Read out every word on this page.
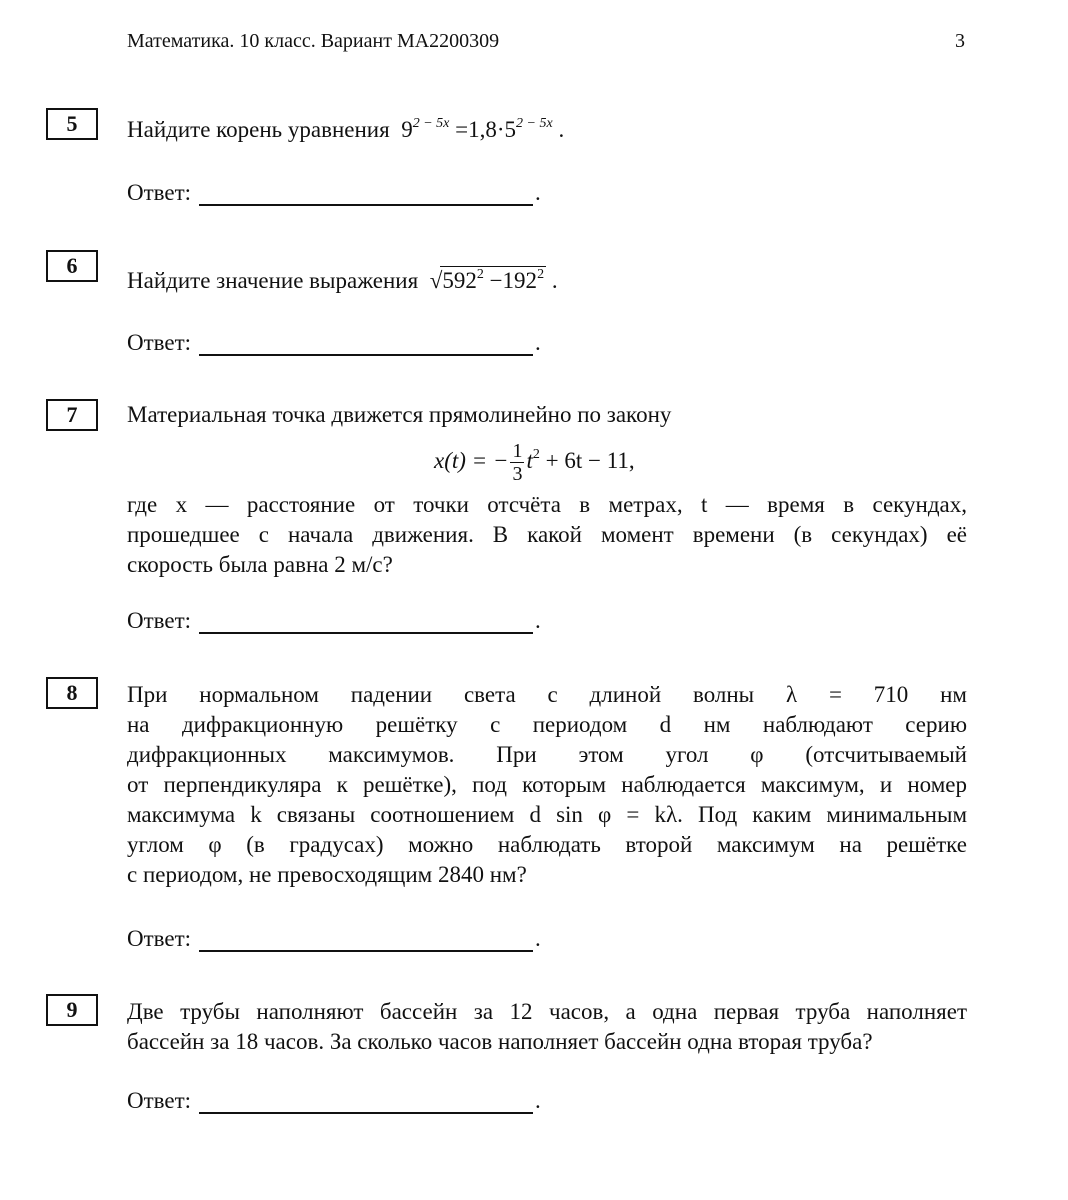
Математика. 10 класс. Вариант МА2200309	3
5	Найдите корень уравнения $9^{2 - 5x} =1,8\cdot 5^{2 - 5x}$ .
Ответ:	.
6
Найдите значение выражения  $√592^2 -192^2$ .
Ответ:	.
7	Материальная точка движется прямолинейно по закону
x(t) = − $\frac{1}{3} t^2 + 6t - 11$,
где x — расстояние от точки отсчёта в метрах, t — время в секундах,
прошедшее с начала движения. В какой момент времени (в секундах) её
скорость была равна 2 м/с?
Ответ:	.
8	При нормальном падении света с длиной волны λ = 710 нм
на дифракционную решётку с периодом d нм наблюдают серию
дифракционных максимумов. При этом угол φ (отсчитываемый
от перпендикуляра к решётке), под которым наблюдается максимум, и номер
максимума k связаны соотношением d sin φ = kλ. Под каким минимальным
углом φ (в градусах) можно наблюдать второй максимум на решётке
с периодом, не превосходящим 2840 нм?
Ответ:	.
9	Две трубы наполняют бассейн за 12 часов, а одна первая труба наполняет
бассейн за 18 часов. За сколько часов наполняет бассейн одна вторая труба?
Ответ:	.
